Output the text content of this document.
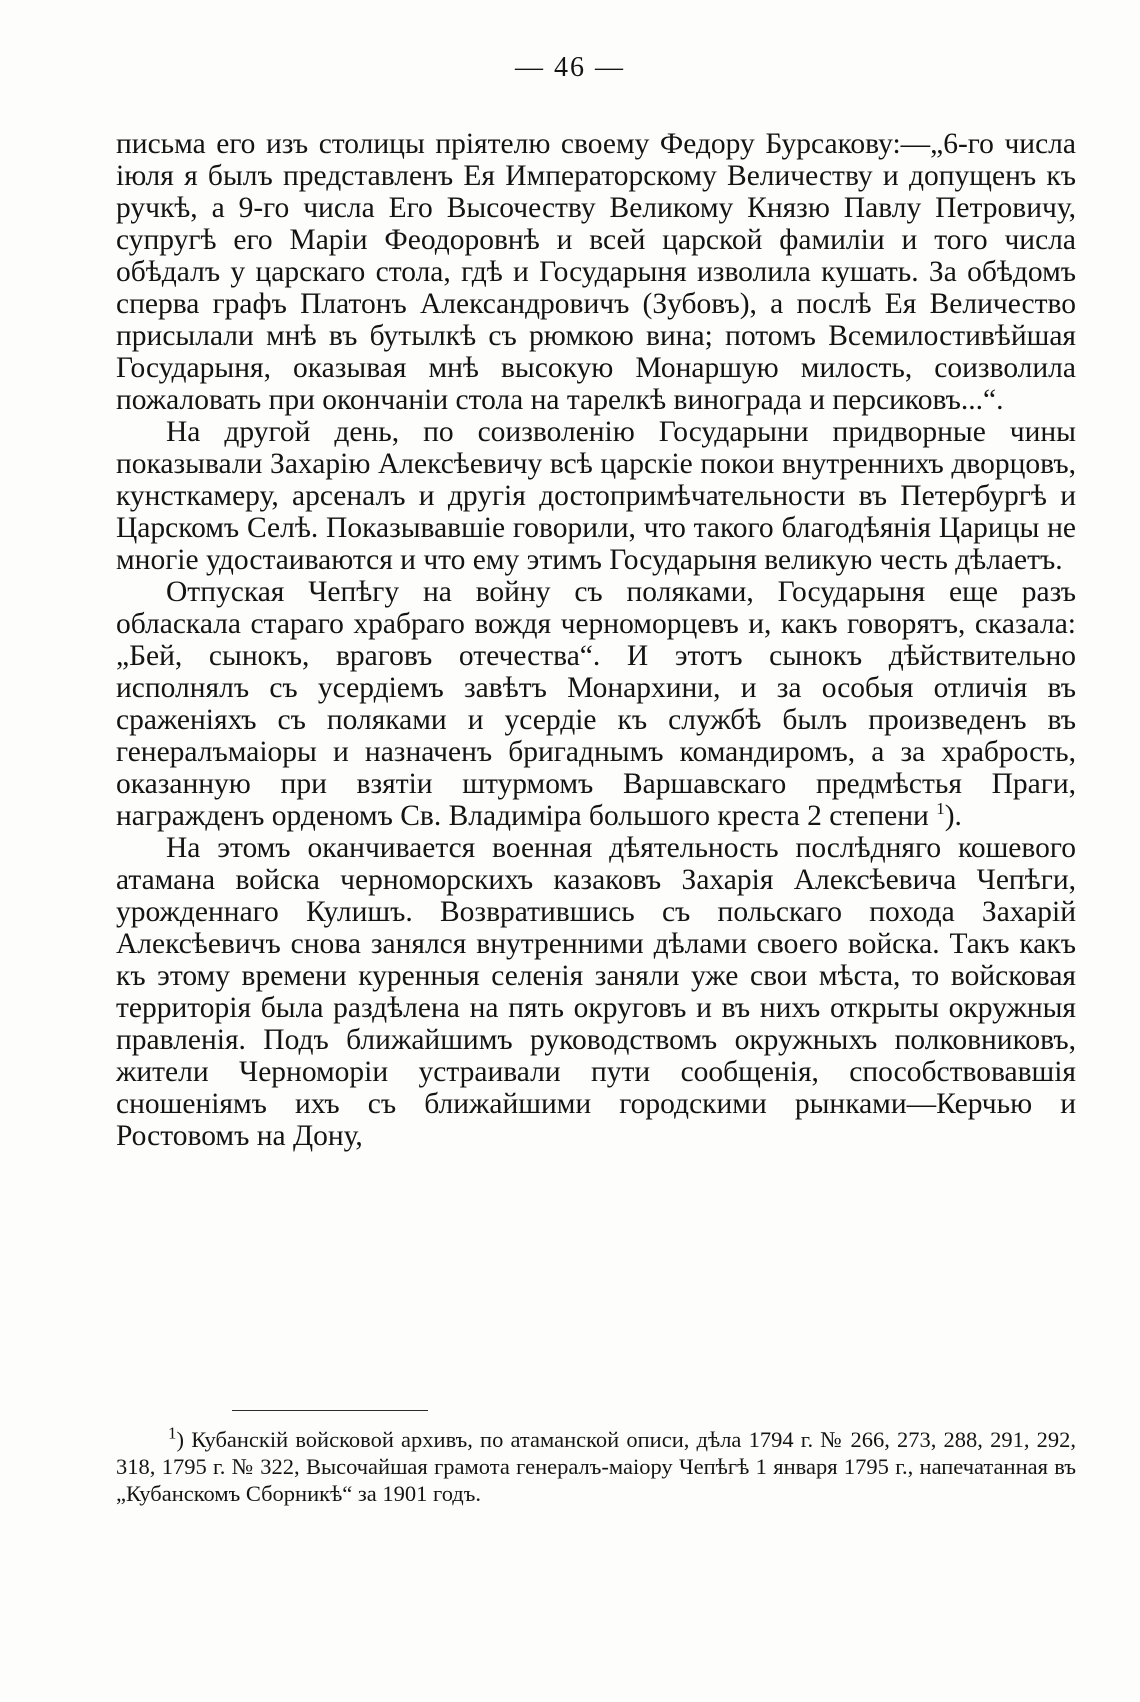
— 46 —

письма его изъ столицы пріятелю своему Федору Бурсакову:—„6-го числа іюля я былъ представленъ Ея Императорскому Величеству и допущенъ къ ручкѣ, а 9-го числа Его Высочеству Великому Князю Павлу Петровичу, супругѣ его Маріи Феодоровнѣ и всей царской фамиліи и того числа обѣдалъ у царскаго стола, гдѣ и Государыня изволила кушать. За обѣдомъ сперва графъ Платонъ Александровичъ (Зубовъ), а послѣ Ея Величество присылали мнѣ въ бутылкѣ съ рюмкою вина; потомъ Всемилостивѣйшая Государыня, оказывая мнѣ высокую Монаршую милость, соизволила пожаловать при окончаніи стола на тарелкѣ винограда и персиковъ...“.

На другой день, по соизволенію Государыни придворные чины показывали Захарію Алексѣевичу всѣ царскіе покои внутреннихъ дворцовъ, кунсткамеру, арсеналъ и другія достопримѣчательности въ Петербургѣ и Царскомъ Селѣ. Показывавшіе говорили, что такого благодѣянія Царицы не многіе удостаиваются и что ему этимъ Государыня великую честь дѣлаетъ.

Отпуская Чепѣгу на войну съ поляками, Государыня еще разъ обласкала стараго храбраго вождя черноморцевъ и, какъ говорятъ, сказала: „Бей, сынокъ, враговъ отечества“. И этотъ сынокъ дѣйствительно исполнялъ съ усердіемъ завѣтъ Монархини, и за особыя отличія въ сраженіяхъ съ поляками и усердіе къ службѣ былъ произведенъ въ генералъмаіоры и назначенъ бригаднымъ командиромъ, а за храбрость, оказанную при взятіи штурмомъ Варшавскаго предмѣстья Праги, награжденъ орденомъ Св. Владиміра большого креста 2 степени $^1$).

На этомъ оканчивается военная дѣятельность послѣдняго кошевого атамана войска черноморскихъ казаковъ Захарія Алексѣевича Чепѣги, урожденнаго Кулишъ. Возвратившись съ польскаго похода Захарій Алексѣевичъ снова занялся внутренними дѣлами своего войска. Такъ какъ къ этому времени куренныя селенія заняли уже свои мѣста, то войсковая территорія была раздѣлена на пять округовъ и въ нихъ открыты окружныя правленія. Подъ ближайшимъ руководствомъ окружныхъ полковниковъ, жители Черноморіи устраивали пути сообщенія, способствовавшія сношеніямъ ихъ съ ближайшими городскими рынками—Керчью и Ростовомъ на Дону,

$^1$) Кубанскій войсковой архивъ, по атаманской описи, дѣла 1794 г. № 266, 273, 288, 291, 292, 318, 1795 г. № 322, Высочайшая грамота генералъ-маіору Чепѣгѣ 1 января 1795 г., напечатанная въ „Кубанскомъ Сборникѣ“ за 1901 годъ.
